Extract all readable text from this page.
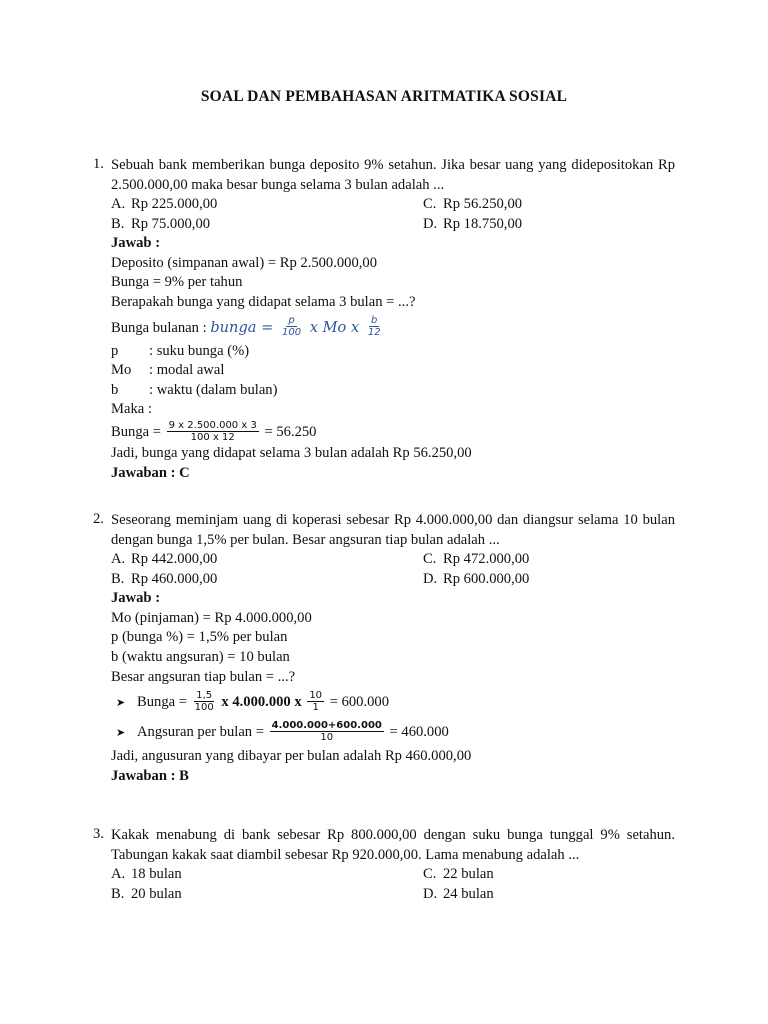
SOAL DAN PEMBAHASAN ARITMATIKA SOSIAL
1. Sebuah bank memberikan bunga deposito 9% setahun. Jika besar uang yang didepositokan Rp 2.500.000,00 maka besar bunga selama 3 bulan adalah ...
A. Rp 225.000,00
B. Rp 75.000,00
C. Rp 56.250,00
D. Rp 18.750,00
Jawab :
Deposito (simpanan awal) = Rp 2.500.000,00
Bunga = 9% per tahun
Berapakah bunga yang didapat selama 3 bulan = ...?
Bunga bulanan : bunga = $\frac{p}{100}$ x Mo x $\frac{b}{12}$
p : suku bunga (%)
Mo : modal awal
b : waktu (dalam bulan)
Maka :
Bunga = $\frac{9 x 2.500.000 x 3}{100 x 12} = 56.250$
Jadi, bunga yang didapat selama 3 bulan adalah Rp 56.250,00
Jawaban : C
2. Seseorang meminjam uang di koperasi sebesar Rp 4.000.000,00 dan diangsur selama 10 bulan dengan bunga 1,5% per bulan. Besar angsuran tiap bulan adalah ...
A. Rp 442.000,00
B. Rp 460.000,00
C. Rp 472.000,00
D. Rp 600.000,00
Jawab :
Mo (pinjaman) = Rp 4.000.000,00
p (bunga %) = 1,5% per bulan
b (waktu angsuran) = 10 bulan
Besar angsuran tiap bulan = ...?
➤ Bunga = $\frac{1,5}{100}$ x 4.000.000 x $\frac{10}{1} = 600.000$
➤ Angsuran per bulan = $\frac{4.000.000+600.000}{10} = 460.000$
Jadi, angusuran yang dibayar per bulan adalah Rp 460.000,00
Jawaban : B
3. Kakak menabung di bank sebesar Rp 800.000,00 dengan suku bunga tunggal 9% setahun. Tabungan kakak saat diambil sebesar Rp 920.000,00. Lama menabung adalah ...
A. 18 bulan
B. 20 bulan
C. 22 bulan
D. 24 bulan
